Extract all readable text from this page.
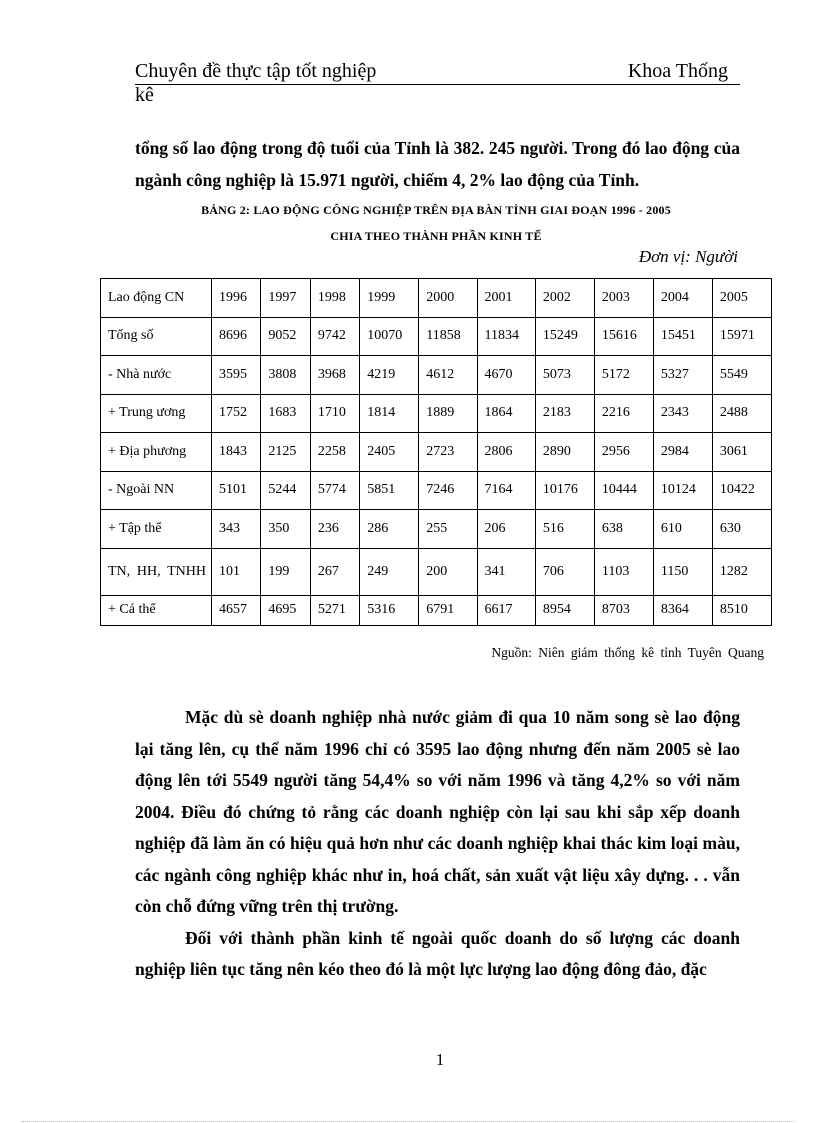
Chuyên đề thực tập tốt nghiệp	Khoa Thống
kê
tổng số lao động trong độ tuổi của Tỉnh là 382. 245 người. Trong đó lao động của ngành công nghiệp là 15.971 người, chiếm 4, 2% lao động của Tỉnh.
BẢNG 2: LAO ĐỘNG CÔNG NGHIỆP TRÊN ĐỊA BÀN TỈNH GIAI ĐOẠN 1996 - 2005
CHIA THEO THÀNH PHẦN KINH TẾ
Đơn vị: Người
Lao động CN	1996	1997	1998	1999	2000	2001	2002	2003	2004	2005
Tổng số	8696	9052	9742	10070	11858	11834	15249	15616	15451	15971
- Nhà nước	3595	3808	3968	4219	4612	4670	5073	5172	5327	5549
+ Trung ương	1752	1683	1710	1814	1889	1864	2183	2216	2343	2488
+ Địa phương	1843	2125	2258	2405	2723	2806	2890	2956	2984	3061
- Ngoài NN	5101	5244	5774	5851	7246	7164	10176	10444	10124	10422
+ Tập thể	343	350	236	286	255	206	516	638	610	630
TN, HH, TNHH	101	199	267	249	200	341	706	1103	1150	1282
+ Cá thể	4657	4695	5271	5316	6791	6617	8954	8703	8364	8510
Nguồn: Niên giám thống kê tỉnh Tuyên Quang

Mặc dù sè doanh nghiệp nhà nước giảm đi qua 10 năm song sè lao động lại tăng lên, cụ thể năm 1996 chỉ có 3595 lao động nhưng đến năm 2005 sè lao động lên tới 5549 người tăng 54,4% so với năm 1996 và tăng 4,2% so với năm 2004. Điều đó chứng tỏ rằng các doanh nghiệp còn lại sau khi sắp xếp doanh nghiệp đã làm ăn có hiệu quả hơn như các doanh nghiệp khai thác kim loại màu, các ngành công nghiệp khác như in, hoá chất, sản xuất vật liệu xây dựng. . . vẫn còn chỗ đứng vững trên thị trường.

Đối với thành phần kinh tế ngoài quốc doanh do số lượng các doanh nghiệp liên tục tăng nên kéo theo đó là một lực lượng lao động đông đảo, đặc

1
